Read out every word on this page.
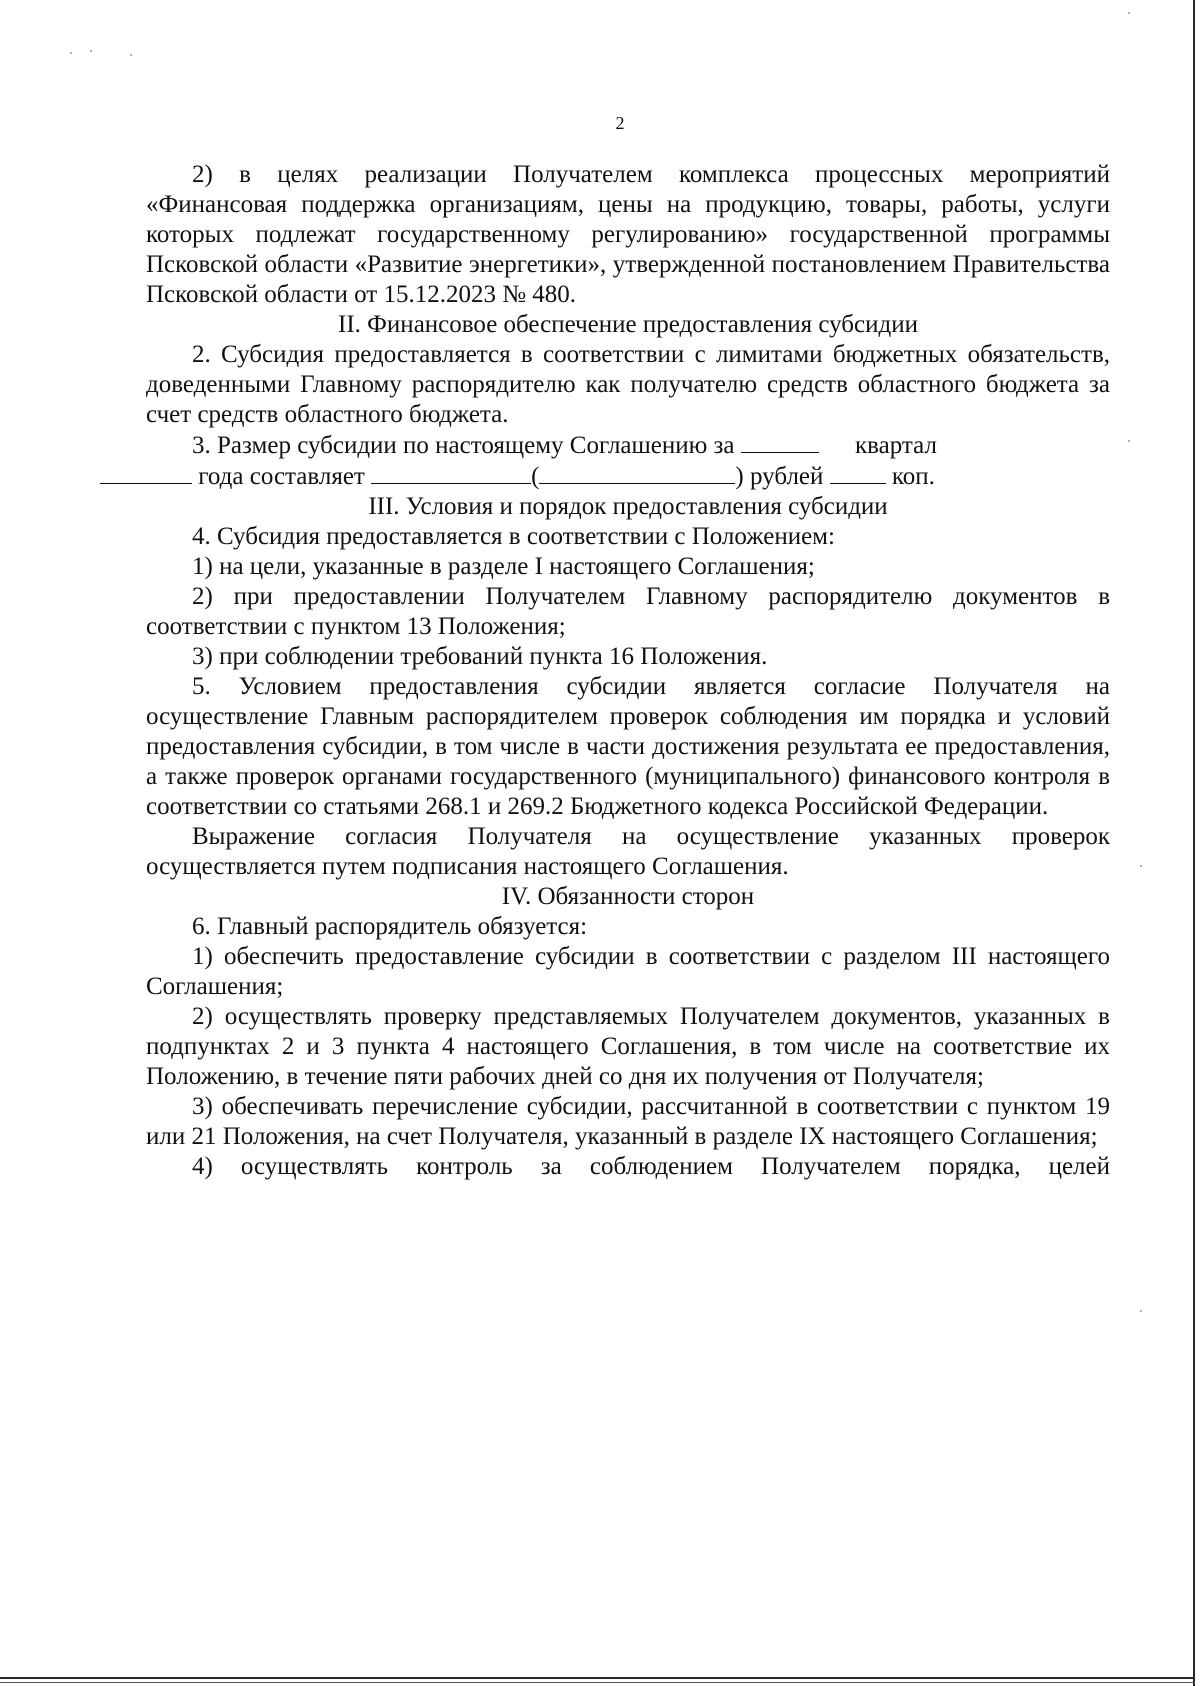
2

2) в целях реализации Получателем комплекса процессных мероприятий «Финансовая поддержка организациям, цены на продукцию, товары, работы, услуги которых подлежат государственному регулированию» государственной программы Псковской области «Развитие энергетики», утвержденной постановлением Правительства Псковской области от 15.12.2023 № 480.

II. Финансовое обеспечение предоставления субсидии

2. Субсидия предоставляется в соответствии с лимитами бюджетных обязательств, доведенными Главному распорядителю как получателю средств областного бюджета за счет средств областного бюджета.

3. Размер субсидии по настоящему Соглашению за	квартал
года составляет	(	) рублей	коп.

III. Условия и порядок предоставления субсидии

4. Субсидия предоставляется в соответствии с Положением:

1) на цели, указанные в разделе I настоящего Соглашения;

2) при предоставлении Получателем Главному распорядителю документов в соответствии с пунктом 13 Положения;

3) при соблюдении требований пункта 16 Положения.

5. Условием предоставления субсидии является согласие Получателя на осуществление Главным распорядителем проверок соблюдения им порядка и условий предоставления субсидии, в том числе в части достижения результата ее предоставления, а также проверок органами государственного (муниципального) финансового контроля в соответствии со статьями 268.1 и 269.2 Бюджетного кодекса Российской Федерации.

Выражение согласия Получателя на осуществление указанных проверок осуществляется путем подписания настоящего Соглашения.

IV. Обязанности сторон

6. Главный распорядитель обязуется:

1) обеспечить предоставление субсидии в соответствии с разделом III настоящего Соглашения;

2) осуществлять проверку представляемых Получателем документов, указанных в подпунктах 2 и 3 пункта 4 настоящего Соглашения, в том числе на соответствие их Положению, в течение пяти рабочих дней со дня их получения от Получателя;

3) обеспечивать перечисление субсидии, рассчитанной в соответствии с пунктом 19 или 21 Положения, на счет Получателя, указанный в разделе IX настоящего Соглашения;

4) осуществлять контроль за соблюдением Получателем порядка, целей
